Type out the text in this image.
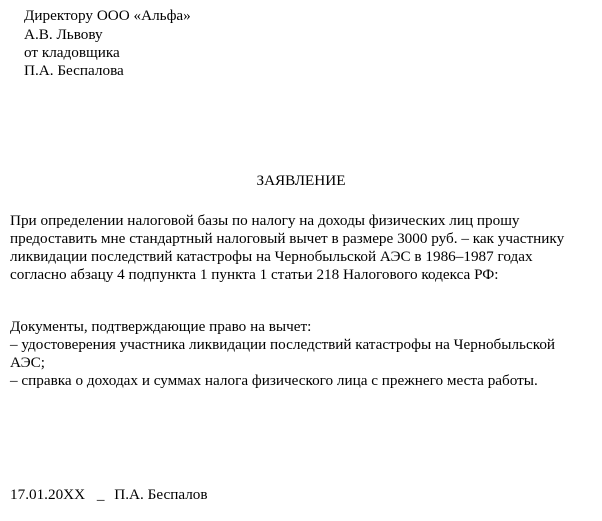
Директору ООО «Альфа»
А.В. Львову
от кладовщика
П.А. Беспалова
ЗАЯВЛЕНИЕ
При определении налоговой базы по налогу на доходы физических лиц прошу
предоставить мне стандартный налоговый вычет в размере 3000 руб. – как участнику
ликвидации последствий катастрофы на Чернобыльской АЭС в 1986–1987 годах
согласно абзацу 4 подпункта 1 пункта 1 статьи 218 Налогового кодекса РФ:
Документы, подтверждающие право на вычет:
– удостоверения участника ликвидации последствий катастрофы на Чернобыльской
АЭС;
– справка о доходах и суммах налога физического лица с прежнего места работы.
17.01.20XX _ П.А. Беспалов
